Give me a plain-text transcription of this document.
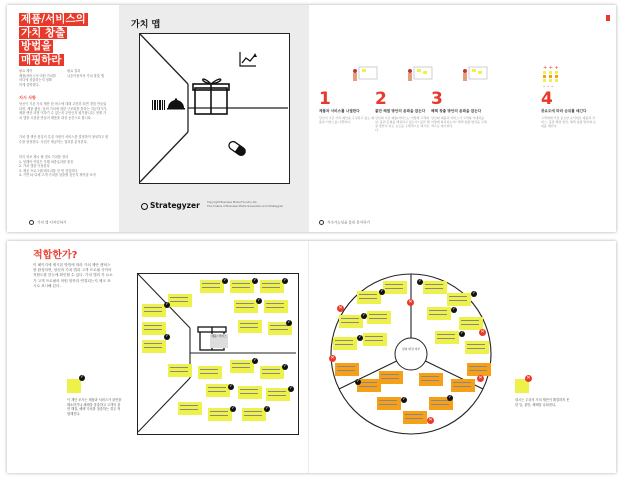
제품/서비스의
가치 창출
방법을
매핑하라
필요 제작
제품/서비스가 어떤 가치를
어디에 창출하는지 정확
하게 설명한다.
필요 결과
나중사용자의 가치 창출 맵
지시 사항
당신이 기존 가치 제안 한 버스에 대해 고민하 되면 경험 만들었다면, 제품 활동, 알려 가치에 대한 구조화를 통하는 지금하기가, 제품 생산 과정 이하기 수 있는지 무엇인지 평가합니다. 현재 가치 맵을 시점을 만들어 제품을 대상 공간으로 합니다.
가치 맵 생산 품질의 특징 자원이 서비스를 결정하여 형성하고 변수를 형성한다. 사업가 제공하는 결과를 분석한다.
미리 정보 제시 될 경로 가치를 정리
1. 당해야 작업은 각해 최종효과를 찾음
2. 가치 맵을 이용한다
3. 제공 프로그램 메모리를 한 번 점검하다
4. 기반 타 다세 고객 가치를 창출할 것인지 제목을 보자
가치 맵 디자인하기
가치 맵
Strategyzer	Copyright Business Model Foundry AG
The makers of Business Model Generation and Strategyzer
+ + +
– – –
1
제품과 서비스를 나열한다
당신이 기존 가치 제안을 구성하고 있는 제품과 서비스를 나열한다.
2
불만 해결 방안의 윤곽을 잡는다
당신의 기존 제품/서비스는 어떻게 고객의 일, 불편 문제를 해결하고 있는가? 불만 해결 방안이 되는 요소를 구체적으로 제시한다.
3
혜택 창출 방안의 윤곽을 잡는다
당신의 제품과 서비스가 고객의 기대치를 어떻게 충족하는가? 혜택 창출 방안을 구체적으로 제시한다.
4
중요도에 따라 순위를 매긴다
고객에게 가장 중요한 순서대로 제품과 서비스, 불만 해결 방안, 혜택 창출 방안의 순위를 매긴다.
지속가능성을 통한 분석하기
적합한가?
이 페이지에 제시된 방법에 따라 가치 제안 캔버스를 완성하면, 당신의 가치 맵과 고객 프로필 사이의 적합도를 한눈에 확인할 수 있다. 가치 맵의 각 요소가 고객 프로필의 어떤 항목과 연결되는지 체크 표시로 표시해 본다.
제품/ 서비스
✓
✓
✓	✓	✓
✓
✓
✓
✓
✓	✓
✓	✓
일의 완성 여부
✓
✓
✓
✓
✓
✓
✓
✓
✓	✓
✕
✕
✕
✕
✕
✕
✓
이 계단 조사는 제품과 서비스가 불만을 해소하거나 혜택을 창출하고 고객의 불만 해결, 혜택 가치를 창출하는 경우 적합해진다.
✕
대시는 우리의 가치 제안이 해결하지 못한 일, 불만, 혜택을 나타낸다.
